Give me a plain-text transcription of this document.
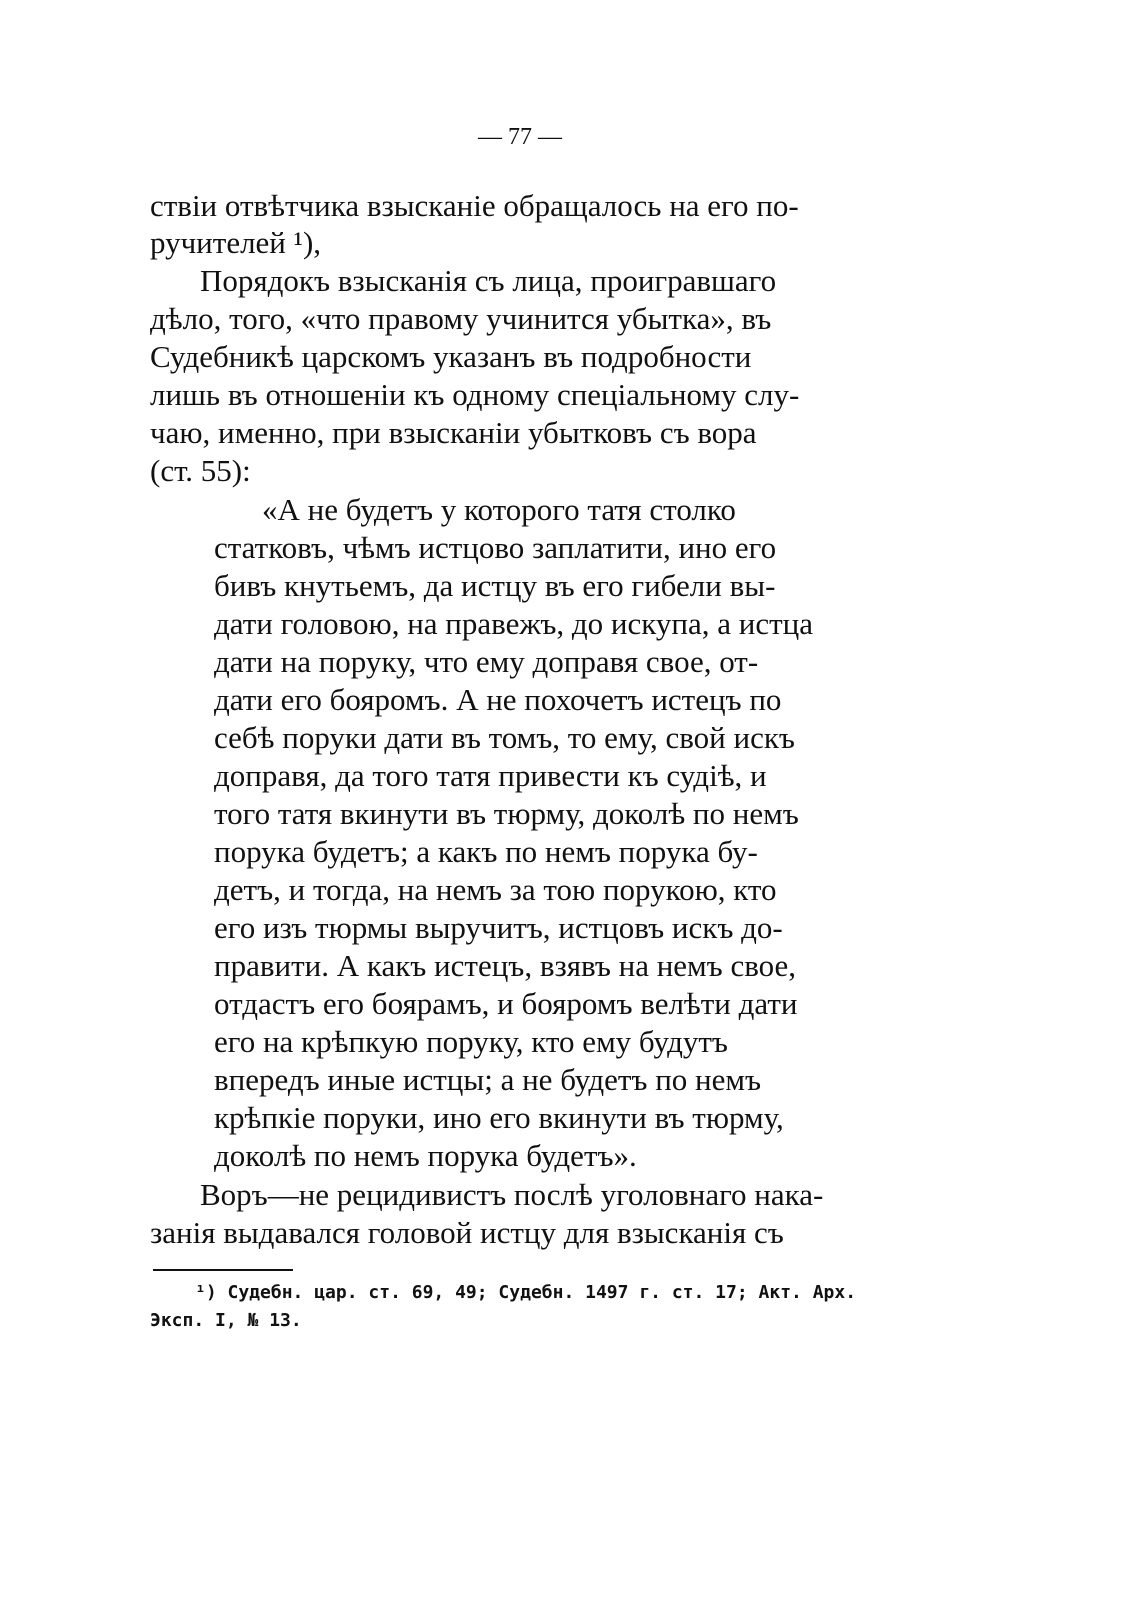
— 77 —
ствіи отвѣтчика взысканіе обращалось на его по-
ручителей ¹),
Порядокъ взысканія съ лица, проигравшаго
дѣло, того, «что правому учинится убытка», въ
Судебникѣ царскомъ указанъ въ подробности
лишь въ отношеніи къ одному спеціальному слу-
чаю, именно, при взысканіи убытковъ съ вора
(ст. 55):
«А не будетъ у которого татя столко
статковъ, чѣмъ истцово заплатити, ино его
бивъ кнутьемъ, да истцу въ его гибели вы-
дати головою, на правежъ, до искупа, а истца
дати на поруку, что ему доправя свое, от-
дати его бояромъ. А не похочетъ истецъ по
себѣ поруки дати въ томъ, то ему, свой искъ
доправя, да того татя привести къ судіѣ, и
того татя вкинути въ тюрму, доколѣ по немъ
порука будетъ; а какъ по немъ порука бу-
детъ, и тогда, на немъ за тою порукою, кто
его изъ тюрмы выручитъ, истцовъ искъ до-
правити. А какъ истецъ, взявъ на немъ свое,
отдастъ его боярамъ, и бояромъ велѣти дати
его на крѣпкую поруку, кто ему будутъ
впередъ иные истцы; а не будетъ по немъ
крѣпкіе поруки, ино его вкинути въ тюрму,
доколѣ по немъ порука будетъ».
Воръ—не рецидивистъ послѣ уголовнаго нака-
занія выдавался головой истцу для взысканія съ
¹) Судебн. цар. ст. 69, 49; Судебн. 1497 г. ст. 17; Акт. Арх.
Эксп. I, № 13.
